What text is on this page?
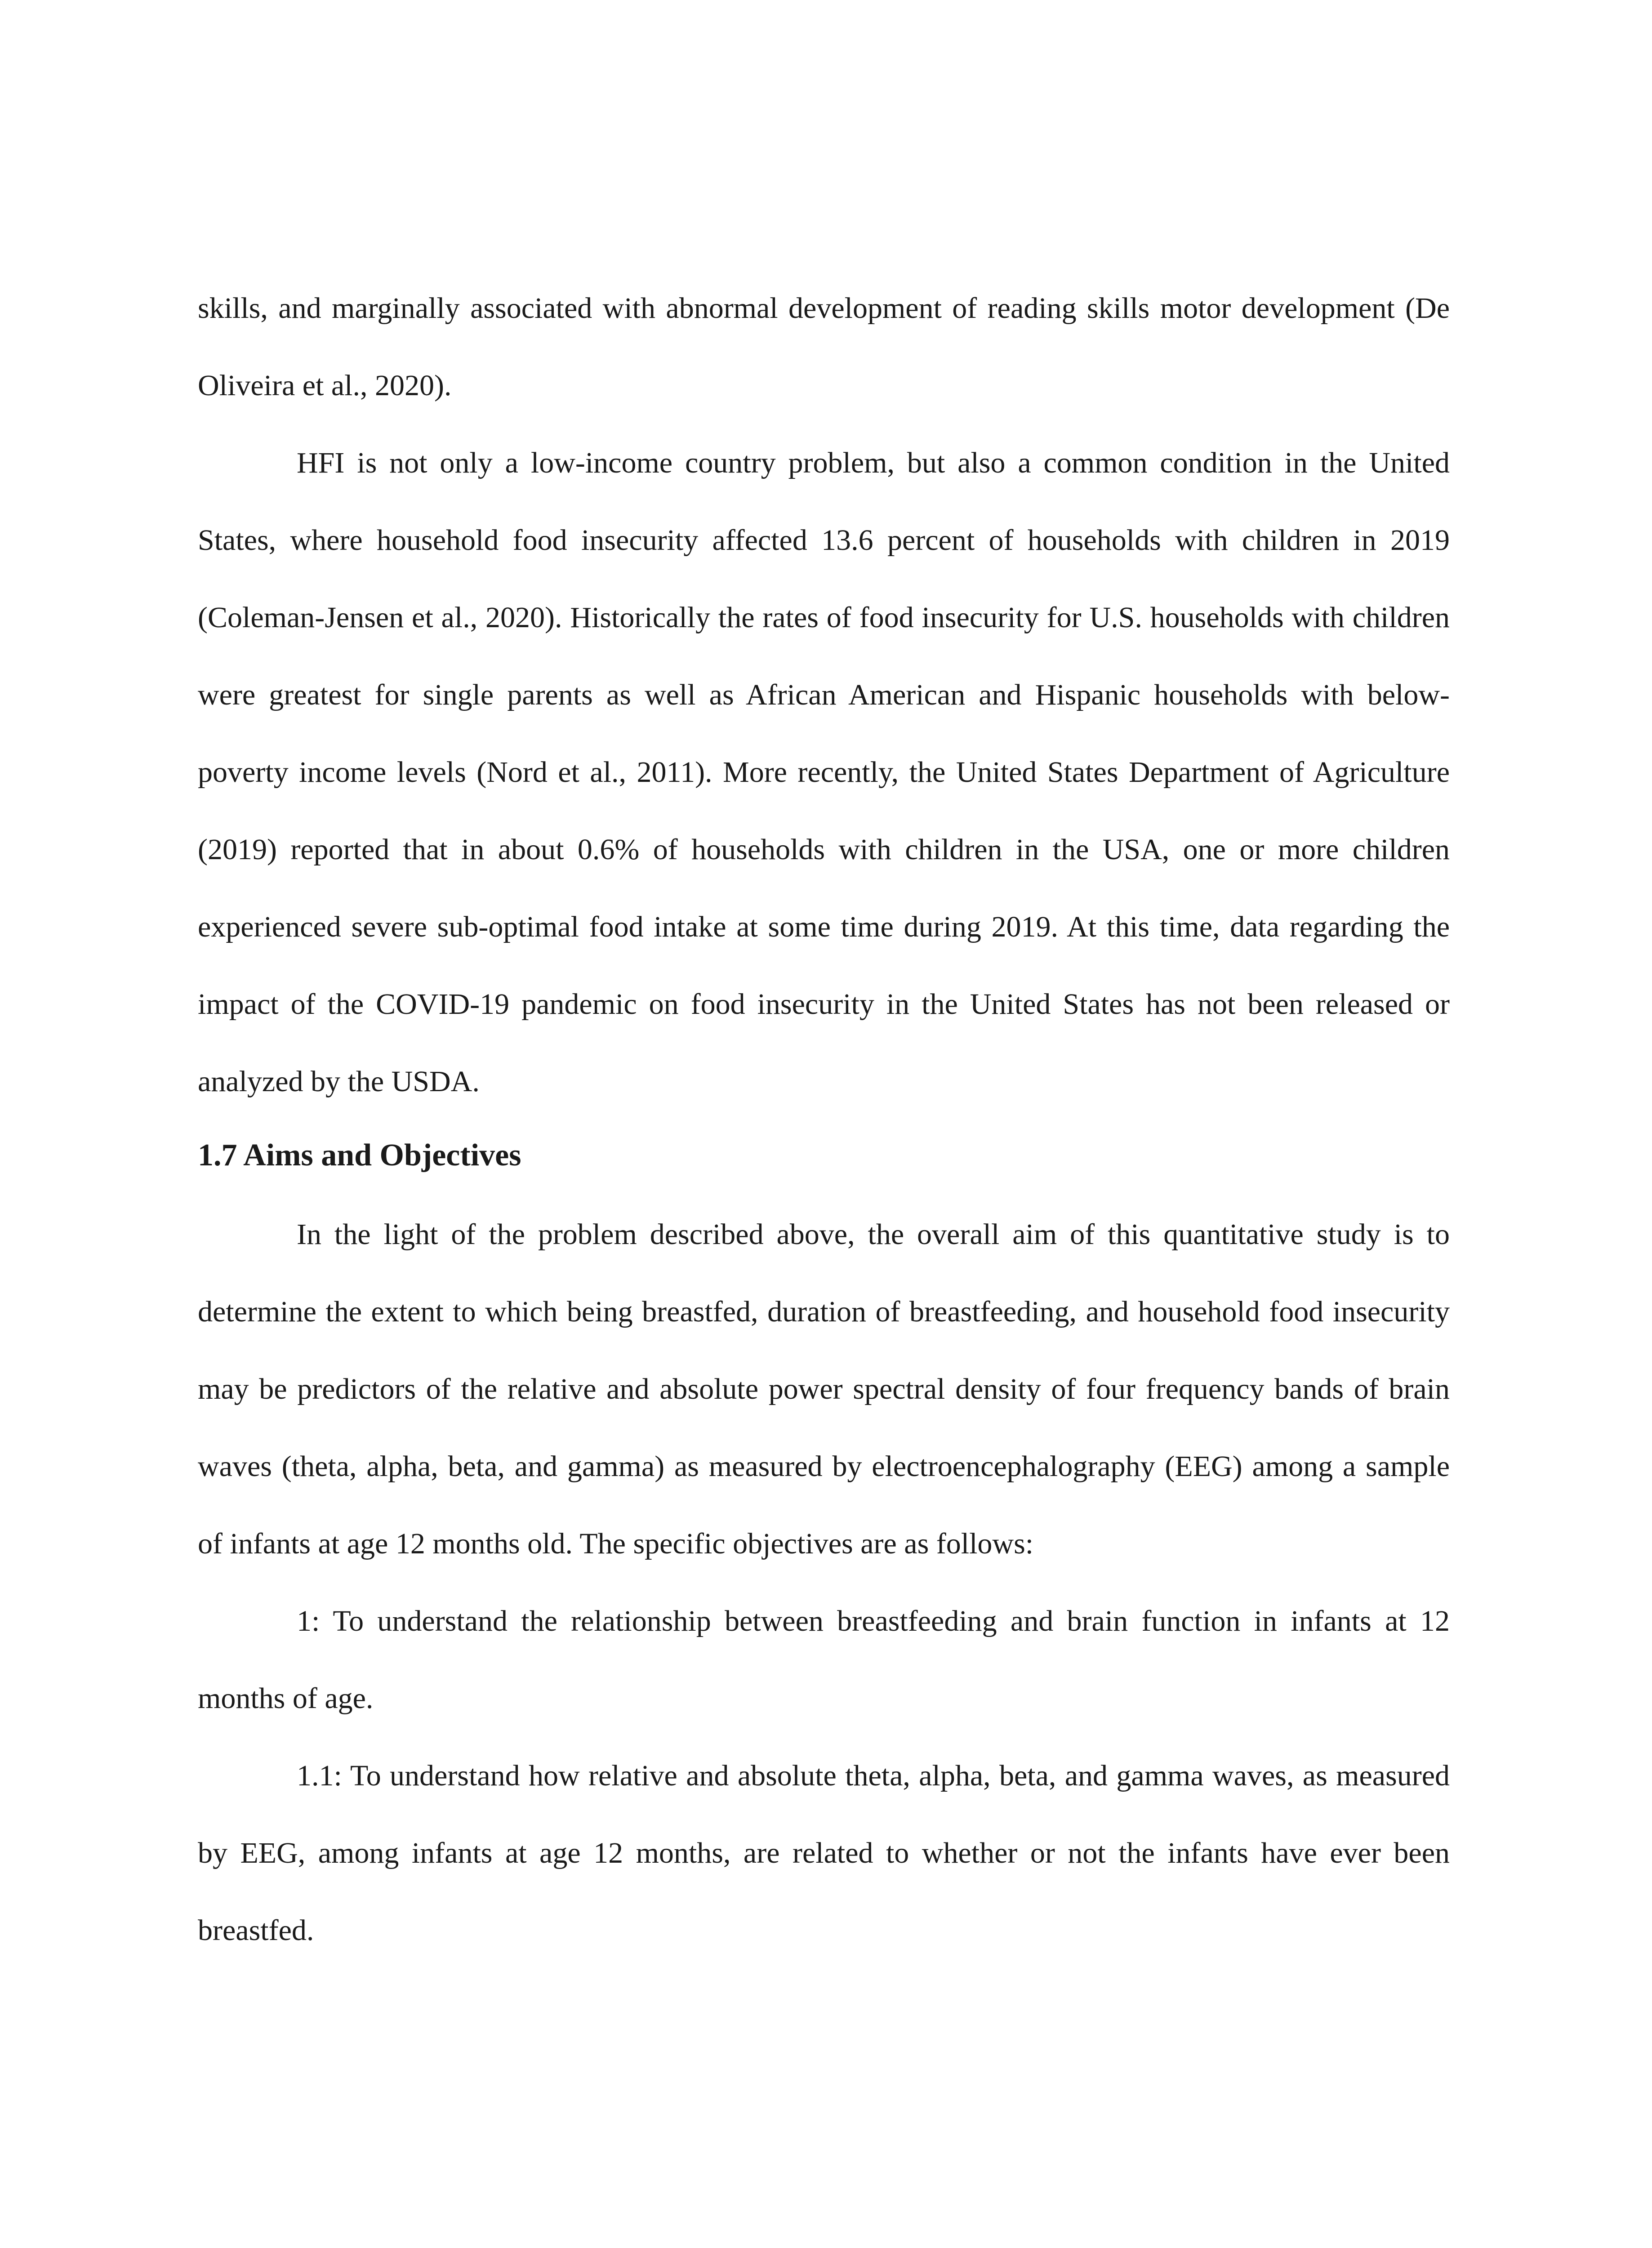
skills, and marginally associated with abnormal development of reading skills motor development (De Oliveira et al., 2020).

HFI is not only a low-income country problem, but also a common condition in the United States, where household food insecurity affected 13.6 percent of households with children in 2019 (Coleman-Jensen et al., 2020). Historically the rates of food insecurity for U.S. households with children were greatest for single parents as well as African American and Hispanic households with below-poverty income levels (Nord et al., 2011). More recently, the United States Department of Agriculture (2019) reported that in about 0.6% of households with children in the USA, one or more children experienced severe sub-optimal food intake at some time during 2019. At this time, data regarding the impact of the COVID-19 pandemic on food insecurity in the United States has not been released or analyzed by the USDA.

1.7 Aims and Objectives

In the light of the problem described above, the overall aim of this quantitative study is to determine the extent to which being breastfed, duration of breastfeeding, and household food insecurity may be predictors of the relative and absolute power spectral density of four frequency bands of brain waves (theta, alpha, beta, and gamma) as measured by electroencephalography (EEG) among a sample of infants at age 12 months old. The specific objectives are as follows:

1: To understand the relationship between breastfeeding and brain function in infants at 12 months of age.

1.1: To understand how relative and absolute theta, alpha, beta, and gamma waves, as measured by EEG, among infants at age 12 months, are related to whether or not the infants have ever been breastfed.
